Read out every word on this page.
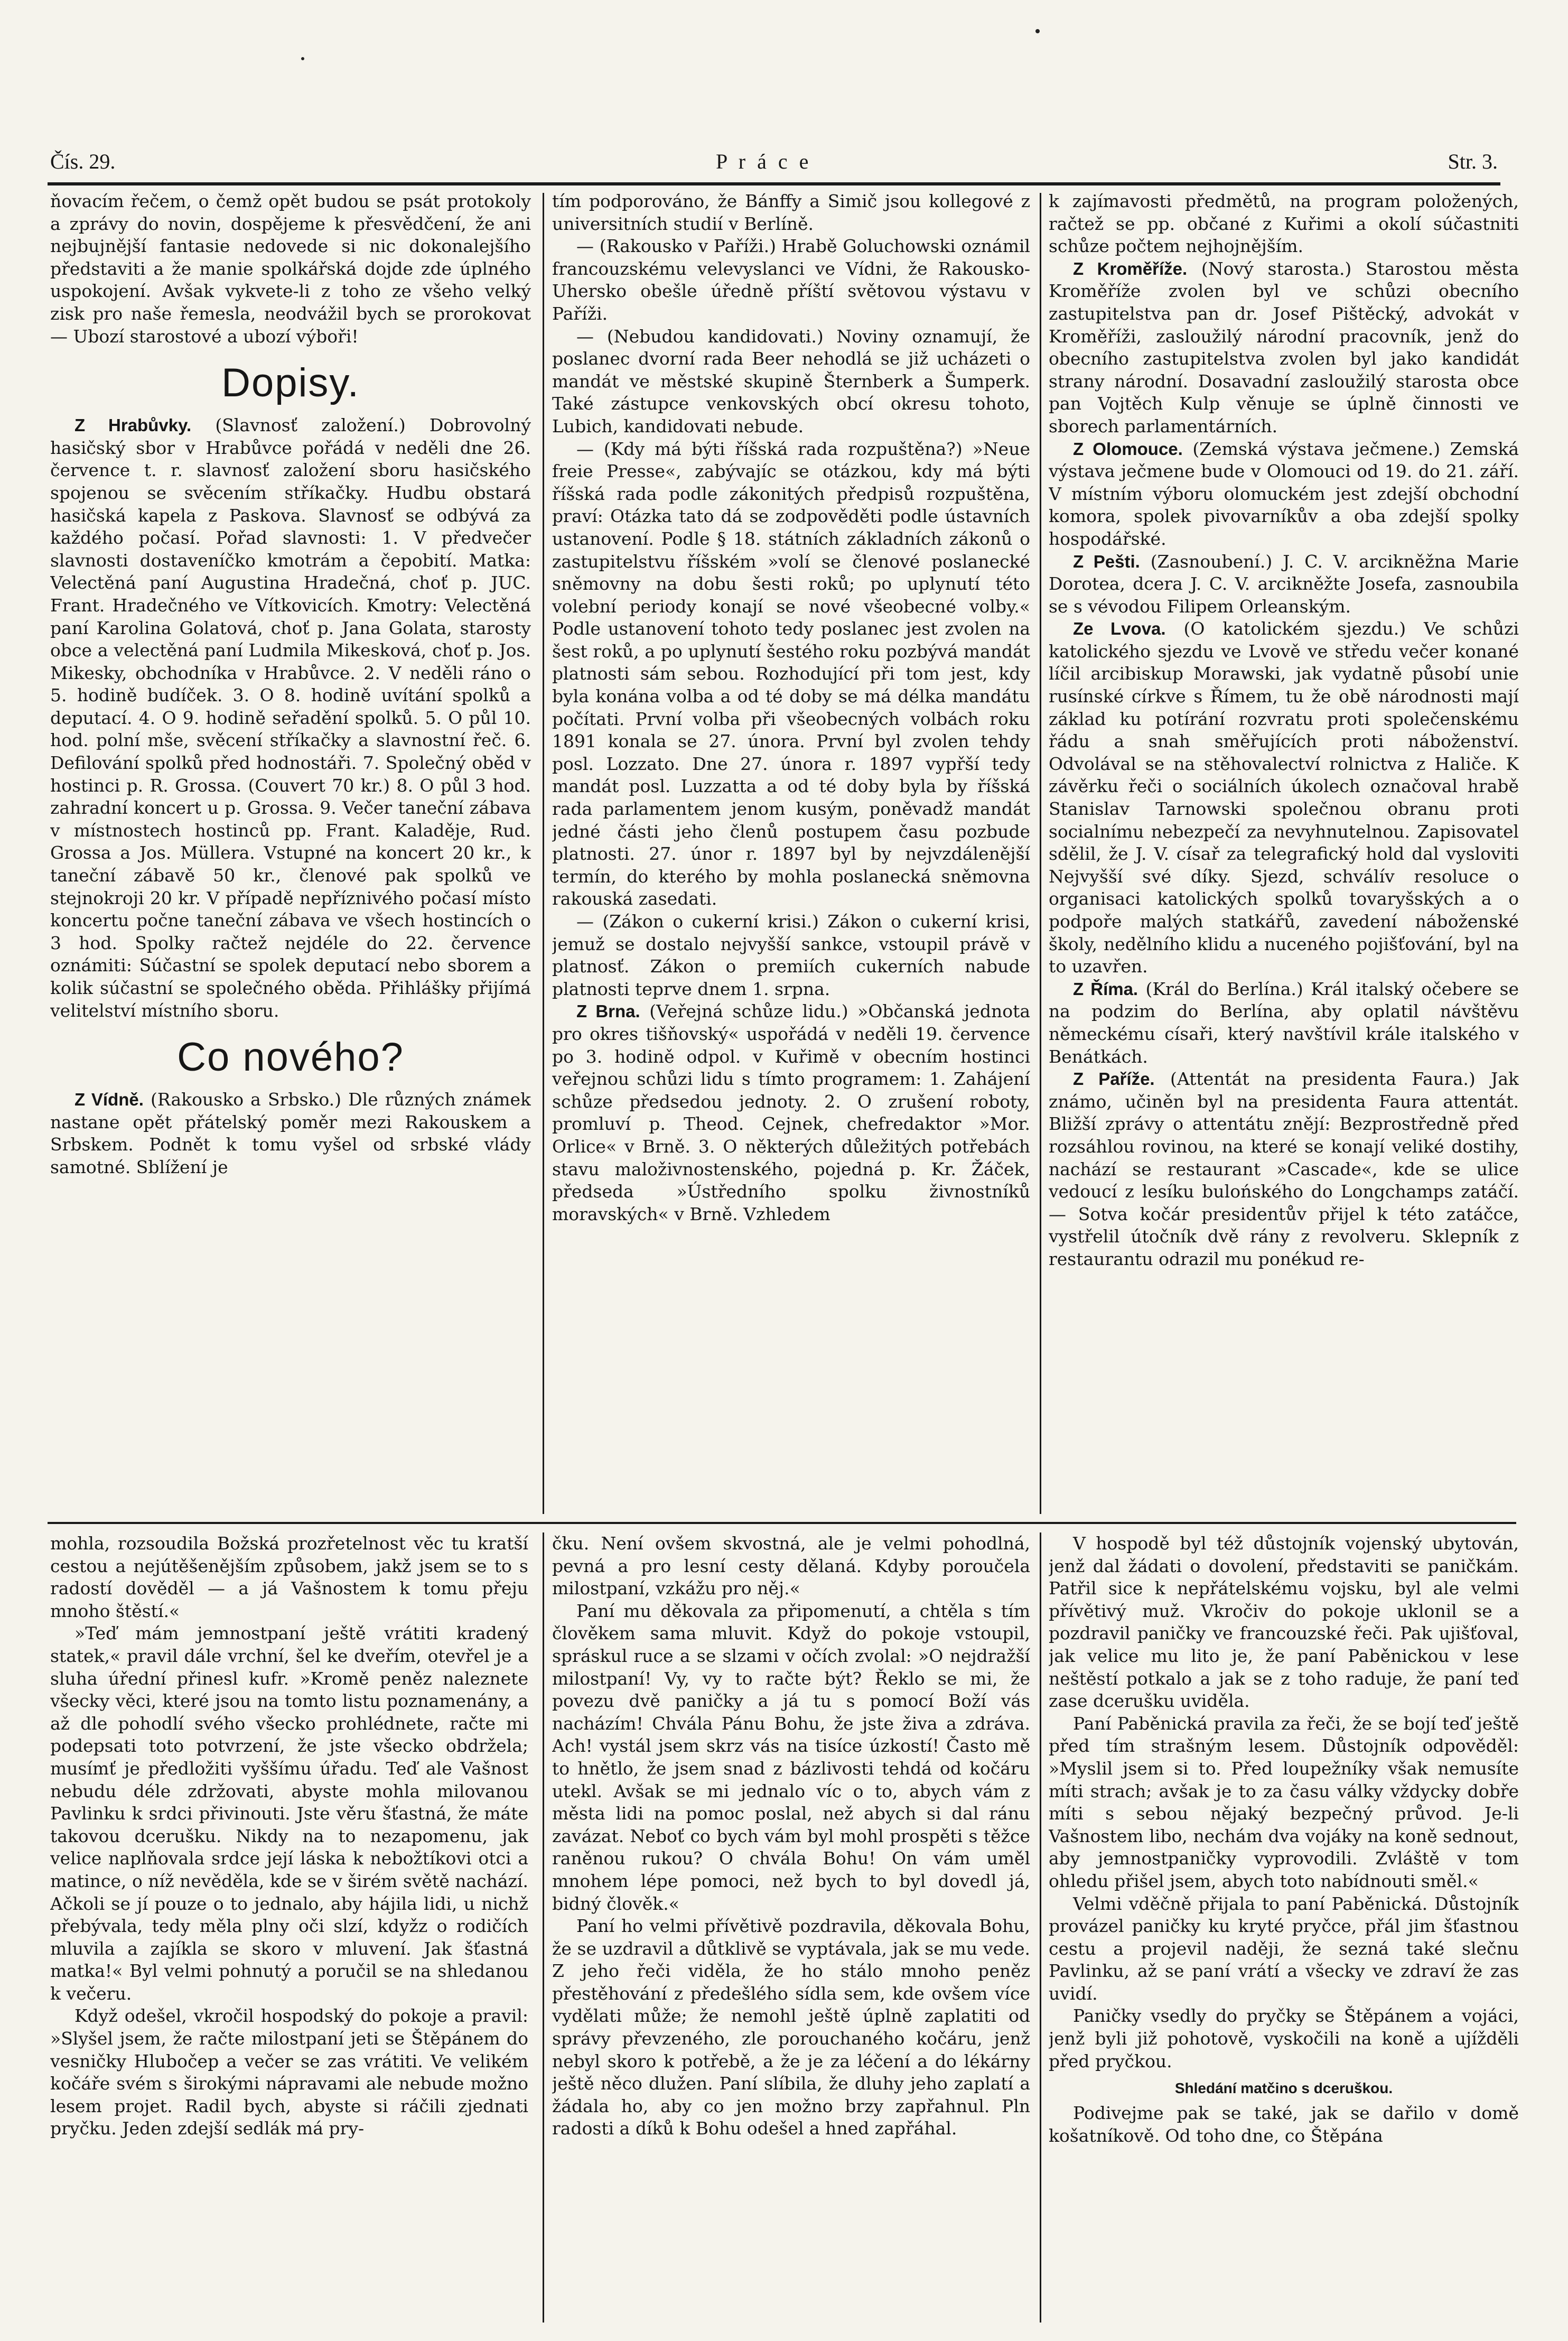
Čís. 29.	P r á c e	Str. 3.

ňovacím řečem, o čemž opět budou se psát protokoly a zprávy do novin, dospějeme k přesvědčení, že ani nejbujnější fantasie nedovede si nic dokonalejšího představiti a že manie spolkářská dojde zde úplného uspokojení. Avšak vykvete-li z toho ze všeho velký zisk pro naše řemesla, neodvážil bych se prorokovat — Ubozí starostové a ubozí výboři!

Dopisy.

Z Hrabůvky. (Slavnosť založení.) Dobrovolný hasičský sbor v Hrabůvce pořádá v neděli dne 26. července t. r. slavnosť založení sboru hasičského spojenou se svěcením stříkačky. Hudbu obstará hasičská kapela z Paskova. Slavnosť se odbývá za každého počasí. Pořad slavnosti: 1. V předvečer slavnosti dostaveníčko kmotrám a čepobití. Matka: Velectěná paní Augustina Hradečná, choť p. JUC. Frant. Hradečného ve Vítkovicích. Kmotry: Velectěná paní Karolina Golatová, choť p. Jana Golata, starosty obce a velectěná paní Ludmila Mikesková, choť p. Jos. Mikesky, obchodníka v Hrabůvce. 2. V neděli ráno o 5. hodině budíček. 3. O 8. hodině uvítání spolků a deputací. 4. O 9. hodině seřadění spolků. 5. O půl 10. hod. polní mše, svěcení stříkačky a slavnostní řeč. 6. Defilování spolků před hodnostáři. 7. Společný oběd v hostinci p. R. Grossa. (Couvert 70 kr.) 8. O půl 3 hod. zahradní koncert u p. Grossa. 9. Večer taneční zábava v místnostech hostinců pp. Frant. Kaladěje, Rud. Grossa a Jos. Müllera. Vstupné na koncert 20 kr., k taneční zábavě 50 kr., členové pak spolků ve stejnokroji 20 kr. V případě nepříznivého počasí místo koncertu počne taneční zábava ve všech hostincích o 3 hod. Spolky račtež nejdéle do 22. července oznámiti: Súčastní se spolek deputací nebo sborem a kolik súčastní se společného oběda. Přihlášky přijímá velitelství místního sboru.

Co nového?

Z Vídně. (Rakousko a Srbsko.) Dle různých známek nastane opět přátelský poměr mezi Rakouskem a Srbskem. Podnět k tomu vyšel od srbské vlády samotné. Sblížení je

tím podporováno, že Bánffy a Simič jsou kollegové z universitních studií v Berlíně.

— (Rakousko v Paříži.) Hrabě Goluchowski oznámil francouzskému velevyslanci ve Vídni, že Rakousko-Uhersko obešle úředně příští světovou výstavu v Paříži.

— (Nebudou kandidovati.) Noviny oznamují, že poslanec dvorní rada Beer nehodlá se již ucházeti o mandát ve městské skupině Šternberk a Šumperk. Také zástupce venkovských obcí okresu tohoto, Lubich, kandidovati nebude.

— (Kdy má býti říšská rada rozpuštěna?) »Neue freie Presse«, zabývajíc se otázkou, kdy má býti říšská rada podle zákonitých předpisů rozpuštěna, praví: Otázka tato dá se zodpověděti podle ústavních ustanovení. Podle § 18. státních základních zákonů o zastupitelstvu říšském »volí se členové poslanecké sněmovny na dobu šesti roků; po uplynutí této volební periody konají se nové všeobecné volby.« Podle ustanovení tohoto tedy poslanec jest zvolen na šest roků, a po uplynutí šestého roku pozbývá mandát platnosti sám sebou. Rozhodující při tom jest, kdy byla konána volba a od té doby se má délka mandátu počítati. První volba při všeobecných volbách roku 1891 konala se 27. února. První byl zvolen tehdy posl. Lozzato. Dne 27. února r. 1897 vypřší tedy mandát posl. Luzzatta a od té doby byla by říšská rada parlamentem jenom kusým, poněvadž mandát jedné části jeho členů postupem času pozbude platnosti. 27. únor r. 1897 byl by nejvzdálenější termín, do kterého by mohla poslanecká sněmovna rakouská zasedati.

— (Zákon o cukerní krisi.) Zákon o cukerní krisi, jemuž se dostalo nejvyšší sankce, vstoupil právě v platnosť. Zákon o premiích cukerních nabude platnosti teprve dnem 1. srpna.

Z Brna. (Veřejná schůze lidu.) »Občanská jednota pro okres tišňovský« uspořádá v neděli 19. července po 3. hodině odpol. v Kuřimě v obecním hostinci veřejnou schůzi lidu s tímto programem: 1. Zahájení schůze předsedou jednoty. 2. O zrušení roboty, promluví p. Theod. Cejnek, chefredaktor »Mor. Orlice« v Brně. 3. O některých důležitých potřebách stavu maloživnostenského, pojedná p. Kr. Žáček, předseda »Ústředního spolku živnostníků moravských« v Brně. Vzhledem

k zajímavosti předmětů, na program položených, račtež se pp. občané z Kuřimi a okolí súčastniti schůze počtem nejhojnějším.

Z Kroměříže. (Nový starosta.) Starostou města Kroměříže zvolen byl ve schůzi obecního zastupitelstva pan dr. Josef Pištěcký, advokát v Kroměříži, zasloužilý národní pracovník, jenž do obecního zastupitelstva zvolen byl jako kandidát strany národní. Dosavadní zasloužilý starosta obce pan Vojtěch Kulp věnuje se úplně činnosti ve sborech parlamentárních.

Z Olomouce. (Zemská výstava ječmene.) Zemská výstava ječmene bude v Olomouci od 19. do 21. září. V místním výboru olomuckém jest zdejší obchodní komora, spolek pivovarníkův a oba zdejší spolky hospodářské.

Z Pešti. (Zasnoubení.) J. C. V. arcikněžna Marie Dorotea, dcera J. C. V. arcikněžte Josefa, zasnoubila se s vévodou Filipem Orleanským.

Ze Lvova. (O katolickém sjezdu.) Ve schůzi katolického sjezdu ve Lvově ve středu večer konané líčil arcibiskup Morawski, jak vydatně působí unie rusínské církve s Římem, tu že obě národnosti mají základ ku potírání rozvratu proti společenskému řádu a snah směřujících proti náboženství. Odvolával se na stěhovalectví rolnictva z Haliče. K závěrku řeči o sociálních úkolech označoval hrabě Stanislav Tarnowski společnou obranu proti socialnímu nebezpečí za nevyhnutelnou. Zapisovatel sdělil, že J. V. císař za telegrafický hold dal vysloviti Nejvyšší své díky. Sjezd, schválív resoluce o organisaci katolických spolků tovaryšských a o podpoře malých statkářů, zavedení náboženské školy, nedělního klidu a nuceného pojišťování, byl na to uzavřen.

Z Říma. (Král do Berlína.) Král italský očebere se na podzim do Berlína, aby oplatil návštěvu německému císaři, který navštívil krále italského v Benátkách.

Z Paříže. (Attentát na presidenta Faura.) Jak známo, učiněn byl na presidenta Faura attentát. Bližší zprávy o attentátu znějí: Bezprostředně před rozsáhlou rovinou, na které se konají veliké dostihy, nachází se restaurant »Cascade«, kde se ulice vedoucí z lesíku bulońského do Longchamps zatáčí. — Sotva kočár presidentův přijel k této zatáčce, vystřelil útočník dvě rány z revolveru. Sklepník z restaurantu odrazil mu ponékud re-

mohla, rozsoudila Božská prozřetelnost věc tu kratší cestou a nejútěšenějším způsobem, jakž jsem se to s radostí dověděl — a já Vašnostem k tomu přeju mnoho štěstí.«

»Teď mám jemnostpaní ještě vrátiti kradený statek,« pravil dále vrchní, šel ke dveřím, otevřel je a sluha úřední přinesl kufr. »Kromě peněz naleznete všecky věci, které jsou na tomto listu poznamenány, a až dle pohodlí svého všecko prohlédnete, račte mi podepsati toto potvrzení, že jste všecko obdržela; musímť je předložiti vyššímu úřadu. Teď ale Vašnost nebudu déle zdržovati, abyste mohla milovanou Pavlinku k srdci přivinouti. Jste věru šťastná, že máte takovou dcerušku. Nikdy na to nezapomenu, jak velice naplňovala srdce její láska k nebožtíkovi otci a matince, o níž nevěděla, kde se v širém světě nachází. Ačkoli se jí pouze o to jednalo, aby hájila lidi, u nichž přebývala, tedy měla plny oči slzí, kdyžz o rodičích mluvila a zajíkla se skoro v mluvení. Jak šťastná matka!« Byl velmi pohnutý a poručil se na shledanou k večeru.

Když odešel, vkročil hospodský do pokoje a pravil: »Slyšel jsem, že račte milostpaní jeti se Štěpánem do vesničky Hlubočep a večer se zas vrátiti. Ve velikém kočáře svém s širokými nápravami ale nebude možno lesem projet. Radil bych, abyste si ráčili zjednati pryčku. Jeden zdejší sedlák má pry-

čku. Není ovšem skvostná, ale je velmi pohodlná, pevná a pro lesní cesty dělaná. Kdyby poroučela milostpaní, vzkážu pro něj.«

Paní mu děkovala za připomenutí, a chtěla s tím člověkem sama mluvit. Když do pokoje vstoupil, spráskul ruce a se slzami v očích zvolal: »O nejdražší milostpaní! Vy, vy to račte být? Řeklo se mi, že povezu dvě paničky a já tu s pomocí Boží vás nacházím! Chvála Pánu Bohu, že jste živa a zdráva. Ach! vystál jsem skrz vás na tisíce úzkostí! Často mě to hnětlo, že jsem snad z bázlivosti tehdá od kočáru utekl. Avšak se mi jednalo víc o to, abych vám z města lidi na pomoc poslal, než abych si dal ránu zavázat. Neboť co bych vám byl mohl prospěti s těžce raněnou rukou? O chvála Bohu! On vám uměl mnohem lépe pomoci, než bych to byl dovedl já, bidný člověk.«

Paní ho velmi přívětivě pozdravila, děkovala Bohu, že se uzdravil a důtklivě se vyptávala, jak se mu vede. Z jeho řeči viděla, že ho stálo mnoho peněz přestěhování z předešlého sídla sem, kde ovšem více vydělati může; že nemohl ještě úplně zaplatiti od správy převzeného, zle porouchaného kočáru, jenž nebyl skoro k potřebě, a že je za léčení a do lékárny ještě něco dlužen. Paní slíbila, že dluhy jeho zaplatí a žádala ho, aby co jen možno brzy zapřahnul. Pln radosti a díků k Bohu odešel a hned zapřáhal.

V hospodě byl též důstojník vojenský ubytován, jenž dal žádati o dovolení, představiti se paničkám. Patřil sice k nepřátelskému vojsku, byl ale velmi přívětivý muž. Vkročiv do pokoje uklonil se a pozdravil paničky ve francouzské řeči. Pak ujišťoval, jak velice mu lito je, že paní Paběnickou v lese neštěstí potkalo a jak se z toho raduje, že paní teď zase dcerušku uviděla.

Paní Paběnická pravila za řeči, že se bojí teď ještě před tím strašným lesem. Důstojník odpověděl: »Myslil jsem si to. Před loupežníky však nemusíte míti strach; avšak je to za času války vždycky dobře míti s sebou nějaký bezpečný průvod. Je-li Vašnostem libo, nechám dva vojáky na koně sednout, aby jemnostpaničky vyprovodili. Zvláště v tom ohledu přišel jsem, abych toto nabídnouti směl.«

Velmi vděčně přijala to paní Paběnická. Důstojník provázel paničky ku kryté pryčce, přál jim šťastnou cestu a projevil naději, že sezná také slečnu Pavlinku, až se paní vrátí a všecky ve zdraví že zas uvidí.

Paničky vsedly do pryčky se Štěpánem a vojáci, jenž byli již pohotově, vyskočili na koně a ujížděli před pryčkou.

Shledání matčino s dceruškou.

Podivejme pak se také, jak se dařilo v domě košatníkově. Od toho dne, co Štěpána
